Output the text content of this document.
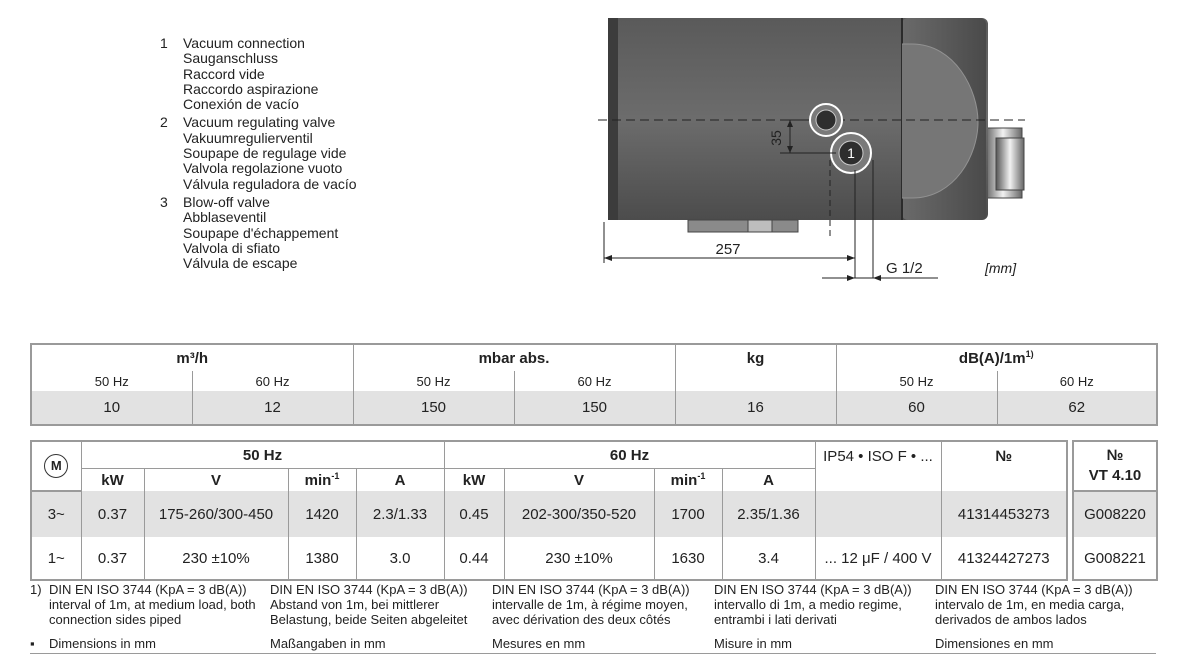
1	Vacuum connection
Sauganschluss
Raccord vide
Raccordo aspirazione
Conexión de vacío
2	Vacuum regulating valve
Vakuumregulierventil
Soupape de regulage vide
Valvola regolazione vuoto
Válvula reguladora de vacío
3	Blow-off valve
Abblaseventil
Soupape d'échappement
Valvola di sfiato
Válvula de escape
1
35
257
G 1/2	[mm]
m³/h		mbar abs.		kg	$dB(A)/1m^{1)}$
50 Hz	60 Hz	50 Hz	60 Hz		50 Hz	60 Hz
10	12	150	150	16	60	62
M	50 Hz				60 Hz				IP54 • ISO F • ...	№		№
VT 4.10

	kW	V	$\min^{-1}$	A	kW	V	$\min^{-1}$	A				
3~	0.37	175-260/300-450	1420	2.3/1.33	0.45	202-300/350-520	1700	2.35/1.36		41314453273		G008220
1~	0.37	230 ±10%	1380	3.0	0.44	230 ±10%	1630	3.4	... 12 μF / 400 V	41324427273		G008221
1) DIN EN ISO 3744 (KpA = 3 dB(A))
interval of 1m, at medium load, both
connection sides piped
DIN EN ISO 3744 (KpA = 3 dB(A))
Abstand von 1m, bei mittlerer
Belastung, beide Seiten abgeleitet
DIN EN ISO 3744 (KpA = 3 dB(A))
intervalle de 1m, à régime moyen,
avec dérivation des deux côtés
DIN EN ISO 3744 (KpA = 3 dB(A))
intervallo di 1m, a medio regime,
entrambi i lati derivati
DIN EN ISO 3744 (KpA = 3 dB(A))
intervalo de 1m, en media carga,
derivados de ambos lados
▪	Dimensions in mm	Maßangaben in mm	Mesures en mm	Misure in mm	Dimensiones en mm
